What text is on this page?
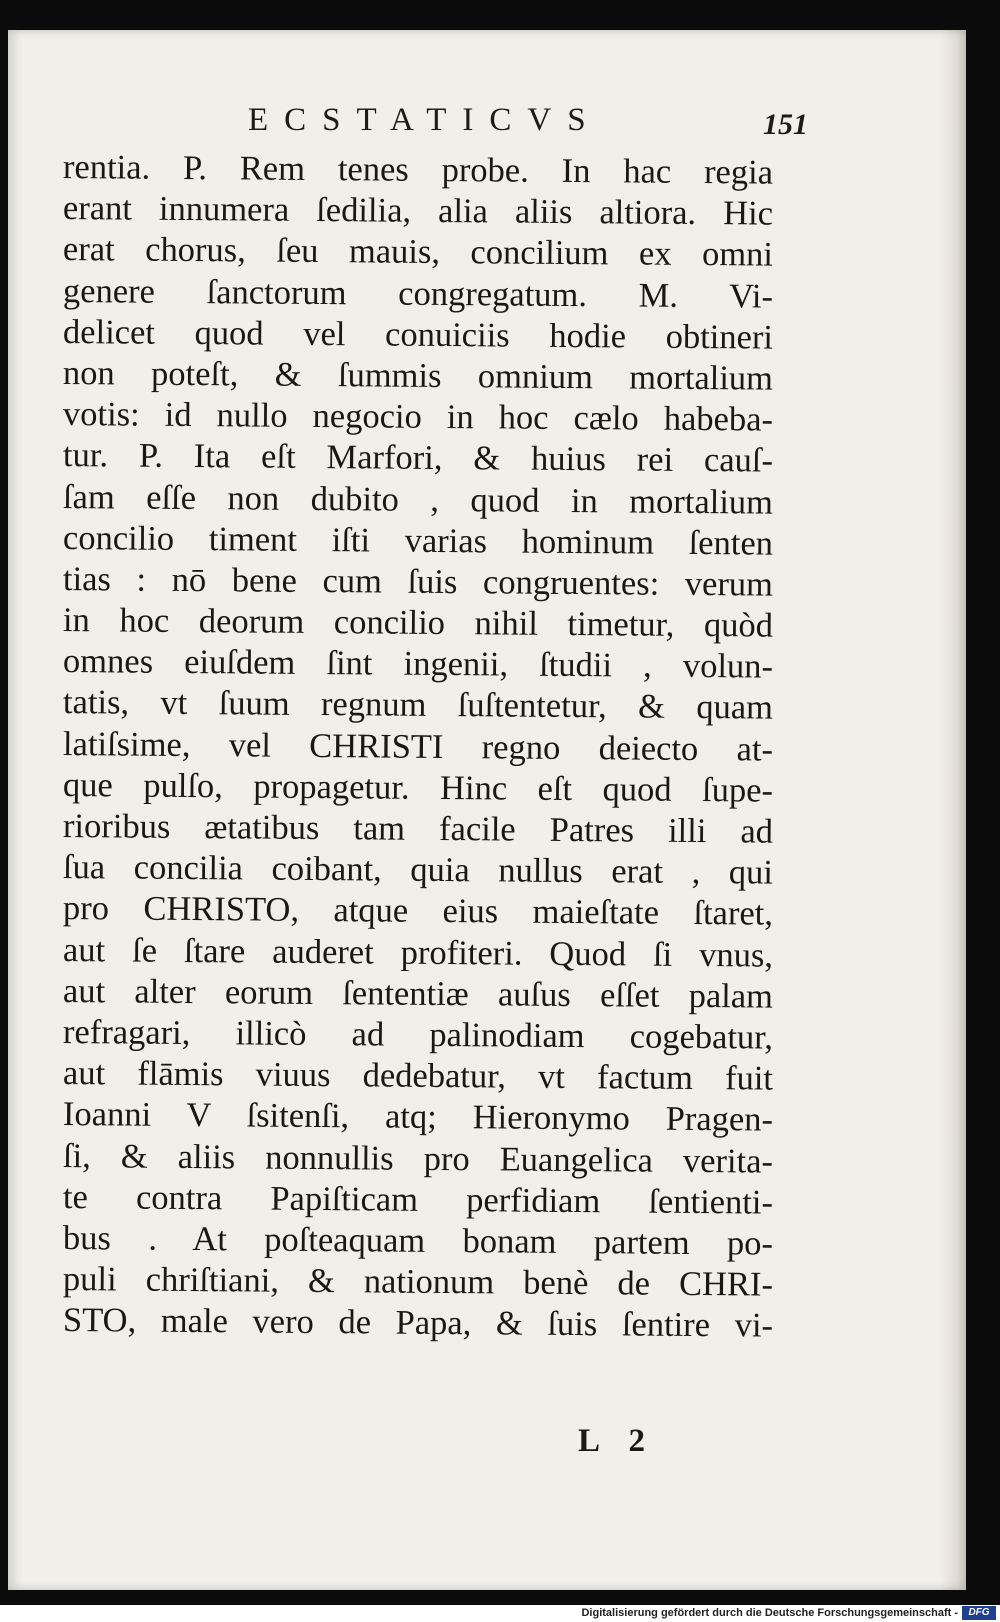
ECSTATICVS	151
rentia. P. Rem tenes probe. In hac regia
erant innumera ſedilia, alia aliis altiora. Hic
erat chorus, ſeu mauis, concilium ex omni
genere ſanctorum congregatum. M. Vi-
delicet quod vel conuiciis hodie obtineri
non poteſt, & ſummis omnium mortalium
votis: id nullo negocio in hoc cælo habeba-
tur. P. Ita eſt Marfori, & huius rei cauſ-
ſam eſſe non dubito , quod in mortalium
concilio timent iſti varias hominum ſenten
tias : nō bene cum ſuis congruentes: verum
in hoc deorum concilio nihil timetur, quòd
omnes eiuſdem ſint ingenii, ſtudii , volun-
tatis, vt ſuum regnum ſuſtentetur, & quam
latiſsime, vel CHRISTI regno deiecto at-
que pulſo, propagetur. Hinc eſt quod ſupe-
rioribus ætatibus tam facile Patres illi ad
ſua concilia coibant, quia nullus erat , qui
pro CHRISTO, atque eius maieſtate ſtaret,
aut ſe ſtare auderet profiteri. Quod ſi vnus,
aut alter eorum ſententiæ auſus eſſet palam
refragari, illicò ad palinodiam cogebatur,
aut flāmis viuus dedebatur, vt factum fuit
Ioanni V ſsitenſi, atq; Hieronymo Pragen-
ſi, & aliis nonnullis pro Euangelica verita-
te contra Papiſticam perfidiam ſentienti-
bus . At poſteaquam bonam partem po-
puli chriſtiani, & nationum benè de CHRI-
STO, male vero de Papa, & ſuis ſentire vi-
L 2
Digitalisierung gefördert durch die Deutsche Forschungsgemeinschaft -	DFG
